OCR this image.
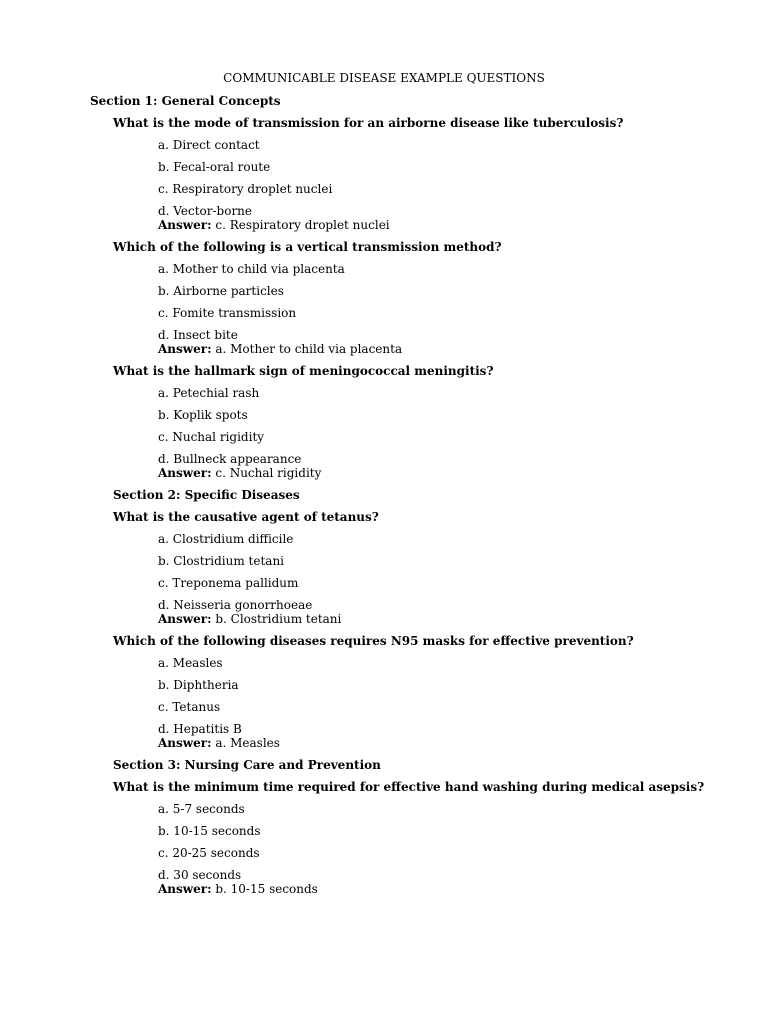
COMMUNICABLE DISEASE EXAMPLE QUESTIONS
Section 1: General Concepts
What is the mode of transmission for an airborne disease like tuberculosis?
a. Direct contact
b. Fecal-oral route
c. Respiratory droplet nuclei
d. Vector-borne
Answer: c. Respiratory droplet nuclei
Which of the following is a vertical transmission method?
a. Mother to child via placenta
b. Airborne particles
c. Fomite transmission
d. Insect bite
Answer: a. Mother to child via placenta
What is the hallmark sign of meningococcal meningitis?
a. Petechial rash
b. Koplik spots
c. Nuchal rigidity
d. Bullneck appearance
Answer: c. Nuchal rigidity
Section 2: Specific Diseases
What is the causative agent of tetanus?
a. Clostridium difficile
b. Clostridium tetani
c. Treponema pallidum
d. Neisseria gonorrhoeae
Answer: b. Clostridium tetani
Which of the following diseases requires N95 masks for effective prevention?
a. Measles
b. Diphtheria
c. Tetanus
d. Hepatitis B
Answer: a. Measles
Section 3: Nursing Care and Prevention
What is the minimum time required for effective hand washing during medical asepsis?
a. 5-7 seconds
b. 10-15 seconds
c. 20-25 seconds
d. 30 seconds
Answer: b. 10-15 seconds
